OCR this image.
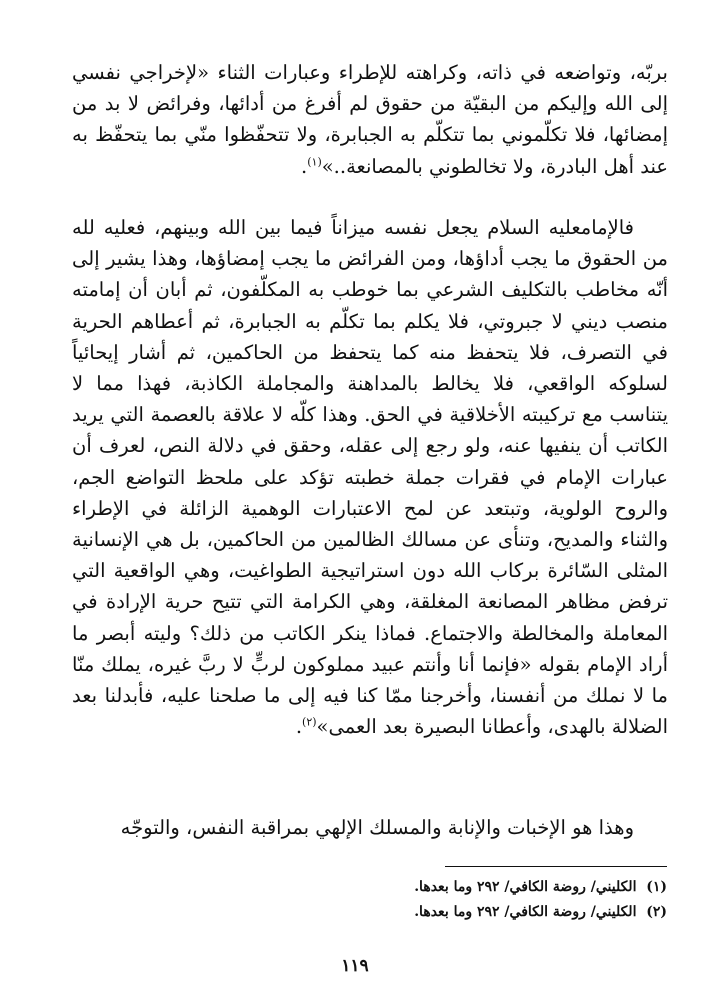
بربّه، وتواضعه في ذاته، وكراهته للإطراء وعبارات الثناء «لإخراجي نفسي إلى الله وإليكم من البقيّة من حقوق لم أفرغ من أدائها، وفرائض لا بد من إمضائها، فلا تكلّموني بما تتكلّم به الجبابرة، ولا تتحفّظوا منّي بما يتحفّظ به عند أهل البادرة، ولا تخالطوني بالمصانعة..»$^{(١)}$.

فالإمامعليه السلام يجعل نفسه ميزاناً فيما بين الله وبينهم، فعليه لله من الحقوق ما يجب أداؤها، ومن الفرائض ما يجب إمضاؤها، وهذا يشير إلى أنّه مخاطب بالتكليف الشرعي بما خوطب به المكلّفون، ثم أبان أن إمامته منصب ديني لا جبروتي، فلا يكلم بما تكلّم به الجبابرة، ثم أعطاهم الحرية في التصرف، فلا يتحفظ منه كما يتحفظ من الحاكمين، ثم أشار إيحائياً لسلوكه الواقعي، فلا يخالط بالمداهنة والمجاملة الكاذبة، فهذا مما لا يتناسب مع تركيبته الأخلاقية في الحق. وهذا كلّه لا علاقة بالعصمة التي يريد الكاتب أن ينفيها عنه، ولو رجع إلى عقله، وحقق في دلالة النص، لعرف أن عبارات الإمام في فقرات جملة خطبته تؤكد على ملحظ التواضع الجم، والروح الولوية، وتبتعد عن لمح الاعتبارات الوهمية الزائلة في الإطراء والثناء والمديح، وتنأى عن مسالك الظالمين من الحاكمين، بل هي الإنسانية المثلى السّائرة بركاب الله دون استراتيجية الطواغيت، وهي الواقعية التي ترفض مظاهر المصانعة المغلقة، وهي الكرامة التي تتيح حرية الإرادة في المعاملة والمخالطة والاجتماع. فماذا ينكر الكاتب من ذلك؟ وليته أبصر ما أراد الإمام بقوله «فإنما أنا وأنتم عبيد مملوكون لربٍّ لا ربَّ غيره، يملك منّا ما لا نملك من أنفسنا، وأخرجنا ممّا كنا فيه إلى ما صلحنا عليه، فأبدلنا بعد الضلالة بالهدى، وأعطانا البصيرة بعد العمى»$^{(٢)}$.

وهذا هو الإخبات والإنابة والمسلك الإلهي بمراقبة النفس، والتوجّه

(١)  الكليني/ روضة الكافي/ ٢٩٢ وما بعدها.

(٢)  الكليني/ روضة الكافي/ ٢٩٢ وما بعدها.

١١٩
